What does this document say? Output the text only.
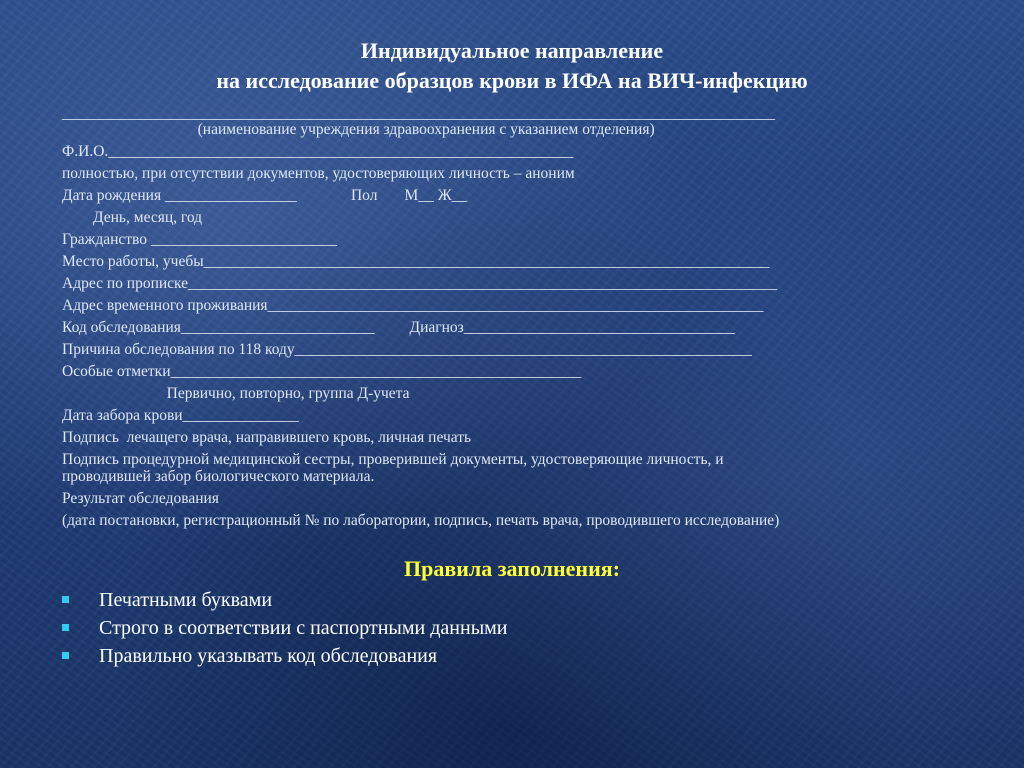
Индивидуальное направление
на исследование образцов крови в ИФА на ВИЧ-инфекцию
____________________________________________________________________________________________
(наименование учреждения здравоохранения с указанием отделения)
Ф.И.О.____________________________________________________________
полностью, при отсутствии документов, удостоверяющих личность – аноним
Дата рождения _________________              Пол       М__ Ж__
День, месяц, год
Гражданство ________________________
Место работы, учебы_________________________________________________________________________
Адрес по прописке____________________________________________________________________________
Адрес временного проживания________________________________________________________________
Код обследования_________________________         Диагноз___________________________________
Причина обследования по 118 коду___________________________________________________________
Особые отметки_____________________________________________________
Первично, повторно, группа Д-учета
Дата забора крови_______________
Подпись  лечащего врача, направившего кровь, личная печать
Подпись процедурной медицинской сестры, проверившей документы, удостоверяющие личность, и
проводившей забор биологического материала.
Результат обследования
(дата постановки, регистрационный № по лаборатории, подпись, печать врача, проводившего исследование)
Правила заполнения:
Печатными буквами
Строго в соответствии с паспортными данными
Правильно указывать код обследования
